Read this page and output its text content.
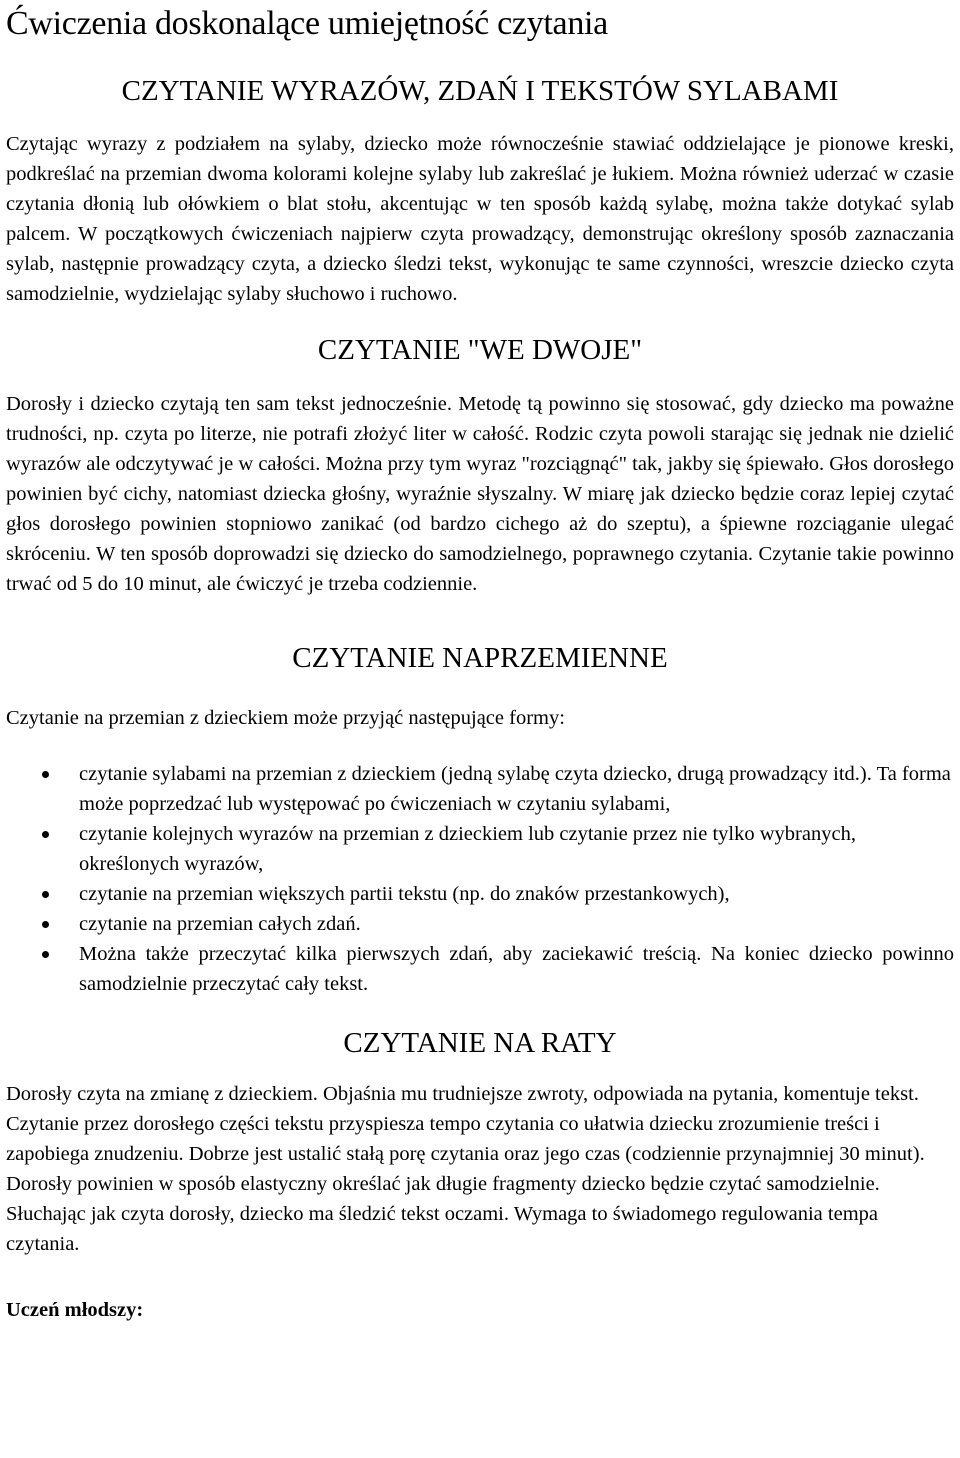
Ćwiczenia doskonalące umiejętność czytania
CZYTANIE WYRAZÓW, ZDAŃ I TEKSTÓW SYLABAMI

Czytając wyrazy z podziałem na sylaby, dziecko może równocześnie stawiać oddzielające je pionowe kreski, podkreślać na przemian dwoma kolorami kolejne sylaby lub zakreślać je łukiem. Można również uderzać w czasie czytania dłonią lub ołówkiem o blat stołu, akcentując w ten sposób każdą sylabę, można także dotykać sylab palcem. W początkowych ćwiczeniach najpierw czyta prowadzący, demonstrując określony sposób zaznaczania sylab, następnie prowadzący czyta, a dziecko śledzi tekst, wykonując te same czynności, wreszcie dziecko czyta samodzielnie, wydzielając sylaby słuchowo i ruchowo.

CZYTANIE "WE DWOJE"

Dorosły i dziecko czytają ten sam tekst jednocześnie. Metodę tą powinno się stosować, gdy dziecko ma poważne trudności, np. czyta po literze, nie potrafi złożyć liter w całość. Rodzic czyta powoli starając się jednak nie dzielić wyrazów ale odczytywać je w całości. Można przy tym wyraz "rozciągnąć" tak, jakby się śpiewało. Głos dorosłego powinien być cichy, natomiast dziecka głośny, wyraźnie słyszalny. W miarę jak dziecko będzie coraz lepiej czytać głos dorosłego powinien stopniowo zanikać (od bardzo cichego aż do szeptu), a śpiewne rozciąganie ulegać skróceniu. W ten sposób doprowadzi się dziecko do samodzielnego, poprawnego czytania. Czytanie takie powinno trwać od 5 do 10 minut, ale ćwiczyć je trzeba codziennie.

CZYTANIE NAPRZEMIENNE

Czytanie na przemian z dzieckiem może przyjąć następujące formy:

czytanie sylabami na przemian z dzieckiem (jedną sylabę czyta dziecko, drugą prowadzący itd.). Ta forma może poprzedzać lub występować po ćwiczeniach w czytaniu sylabami,
czytanie kolejnych wyrazów na przemian z dzieckiem lub czytanie przez nie tylko wybranych, określonych wyrazów,
czytanie na przemian większych partii tekstu (np. do znaków przestankowych),
czytanie na przemian całych zdań.
Można także przeczytać kilka pierwszych zdań, aby zaciekawić treścią. Na koniec dziecko powinno samodzielnie przeczytać cały tekst.
CZYTANIE NA RATY

Dorosły czyta na zmianę z dzieckiem. Objaśnia mu trudniejsze zwroty, odpowiada na pytania, komentuje tekst. Czytanie przez dorosłego części tekstu przyspiesza tempo czytania co ułatwia dziecku zrozumienie treści i zapobiega znudzeniu. Dobrze jest ustalić stałą porę czytania oraz jego czas (codziennie przynajmniej 30 minut). Dorosły powinien w sposób elastyczny określać jak długie fragmenty dziecko będzie czytać samodzielnie. Słuchając jak czyta dorosły, dziecko ma śledzić tekst oczami. Wymaga to świadomego regulowania tempa czytania.

Uczeń młodszy:
